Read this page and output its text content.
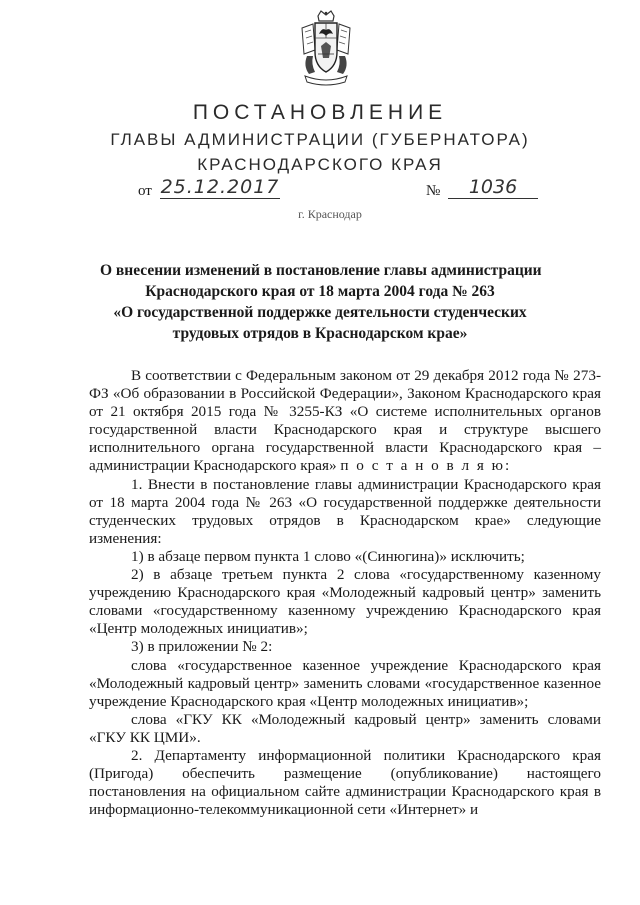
ПОСТАНОВЛЕНИЕ
ГЛАВЫ АДМИНИСТРАЦИИ (ГУБЕРНАТОРА)
КРАСНОДАРСКОГО КРАЯ
от 25.12.2017	№	1036
г. Краснодар
О внесении изменений в постановление главы администрации
Краснодарского края от 18 марта 2004 года № 263
«О государственной поддержке деятельности студенческих
трудовых отрядов в Краснодарском крае»

В соответствии с Федеральным законом от 29 декабря 2012 года № 273-ФЗ «Об образовании в Российской Федерации», Законом Краснодарского края от 21 октября 2015 года № 3255-КЗ «О системе исполнительных органов государственной власти Краснодарского края и структуре высшего исполнительного органа государственной власти Краснодарского края – администрации Краснодарского края» п о с т а н о в л я ю:

1. Внести в постановление главы администрации Краснодарского края от 18 марта 2004 года № 263 «О государственной поддержке деятельности студенческих трудовых отрядов в Краснодарском крае» следующие изменения:

1) в абзаце первом пункта 1 слово «(Синюгина)» исключить;

2) в абзаце третьем пункта 2 слова «государственному казенному учреждению Краснодарского края «Молодежный кадровый центр» заменить словами «государственному казенному учреждению Краснодарского края «Центр молодежных инициатив»;

3) в приложении № 2:

слова «государственное казенное учреждение Краснодарского края «Молодежный кадровый центр» заменить словами «государственное казенное учреждение Краснодарского края «Центр молодежных инициатив»;

слова «ГКУ КК «Молодежный кадровый центр» заменить словами «ГКУ КК ЦМИ».

2. Департаменту информационной политики Краснодарского края (Пригода) обеспечить размещение (опубликование) настоящего постановления на официальном сайте администрации Краснодарского края в информационно-телекоммуникационной сети «Интернет» и
